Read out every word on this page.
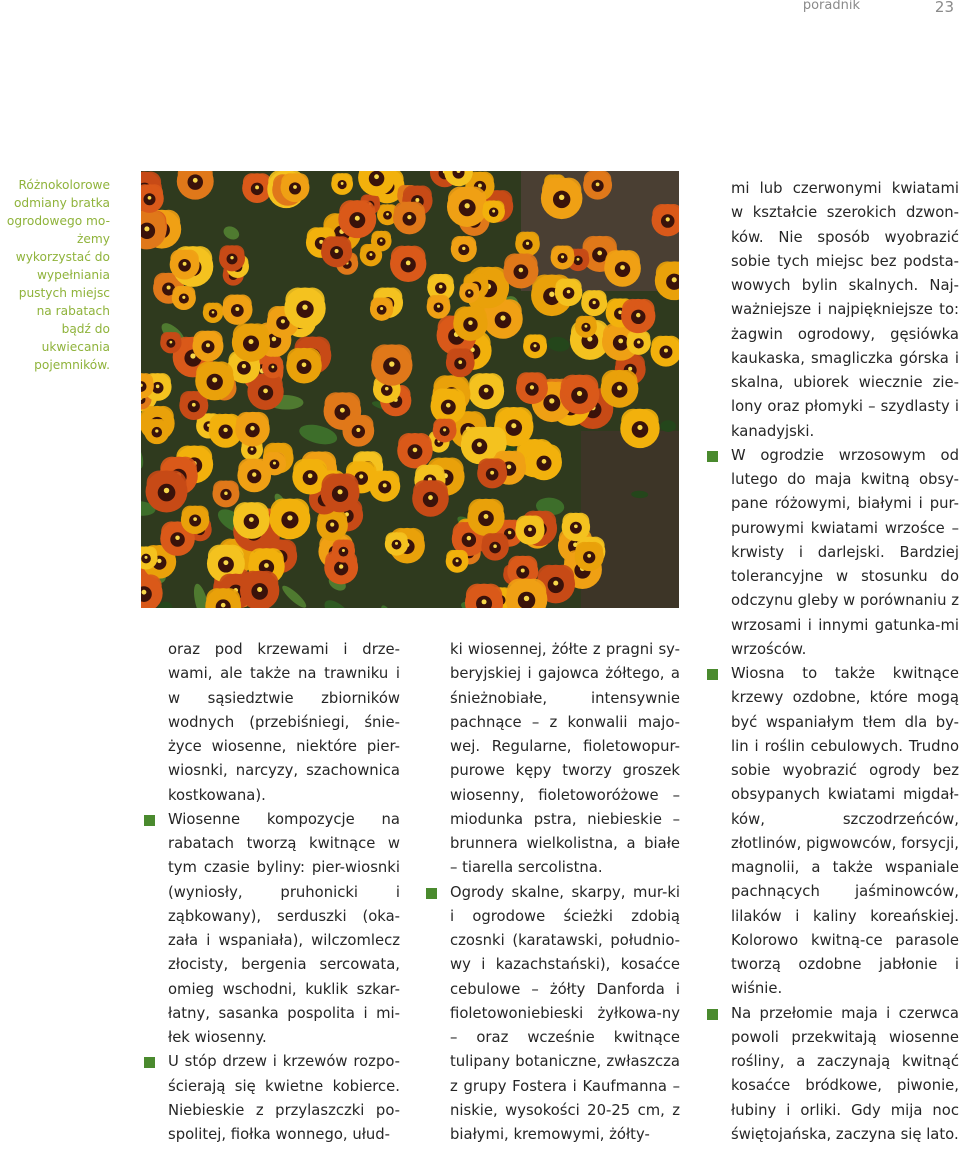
poradnik	23
Różnokolorowe odmiany bratka ogrodowego mo-żemy wykorzystać do wypełniania pustych miejsc na rabatach bądź do ukwiecania pojemników.

oraz pod krzewami i drze-wami, ale także na trawniku i w sąsiedztwie zbiorników wodnych (przebiśniegi, śnie-życe wiosenne, niektóre pier-wiosnki, narcyzy, szachownica kostkowana).

Wiosenne kompozycje na rabatach tworzą kwitnące w tym czasie byliny: pier-wiosnki (wyniosły, pruhonicki i ząbkowany), serduszki (oka-zała i wspaniała), wilczomlecz złocisty, bergenia sercowata, omieg wschodni, kuklik szkar-łatny, sasanka pospolita i mi-łek wiosenny.

U stóp drzew i krzewów rozpo-ścierają się kwietne kobierce. Niebieskie z przylaszczki po-spolitej, fiołka wonnego, ułud-

ki wiosennej, żółte z pragni sy-beryjskiej i gajowca żółtego, a śnieżnobiałe, intensywnie pachnące – z konwalii majo-wej. Regularne, fioletowopur-purowe kępy tworzy groszek wiosenny, fioletoworóżowe – miodunka pstra, niebieskie – brunnera wielkolistna, a białe – tiarella sercolistna.

Ogrody skalne, skarpy, mur-ki i ogrodowe ścieżki zdobią czosnki (karatawski, południo-wy i kazachstański), kosaćce cebulowe – żółty Danforda i fioletowoniebieski żyłkowa-ny – oraz wcześnie kwitnące tulipany botaniczne, zwłaszcza z grupy Fostera i Kaufmanna – niskie, wysokości 20-25 cm, z białymi, kremowymi, żółty-

mi lub czerwonymi kwiatami w kształcie szerokich dzwon-ków. Nie sposób wyobrazić sobie tych miejsc bez podsta-wowych bylin skalnych. Naj-ważniejsze i najpiękniejsze to: żagwin ogrodowy, gęsiówka kaukaska, smagliczka górska i skalna, ubiorek wiecznie zie-lony oraz płomyki – szydlasty i kanadyjski.

W ogrodzie wrzosowym od lutego do maja kwitną obsy-pane różowymi, białymi i pur-purowymi kwiatami wrzośce – krwisty i darlejski. Bardziej tolerancyjne w stosunku do odczynu gleby w porównaniu z wrzosami i innymi gatunka-mi wrzośców.

Wiosna to także kwitnące krzewy ozdobne, które mogą być wspaniałym tłem dla by-lin i roślin cebulowych. Trudno sobie wyobrazić ogrody bez obsypanych kwiatami migdał-ków, szczodrzeńców, złotlinów, pigwowców, forsycji, magnolii, a także wspaniale pachnących jaśminowców, lilaków i kaliny koreańskiej. Kolorowo kwitną-ce parasole tworzą ozdobne jabłonie i wiśnie.

Na przełomie maja i czerwca powoli przekwitają wiosenne rośliny, a zaczynają kwitnąć kosaćce bródkowe, piwonie, łubiny i orliki. Gdy mija noc świętojańska, zaczyna się lato.
